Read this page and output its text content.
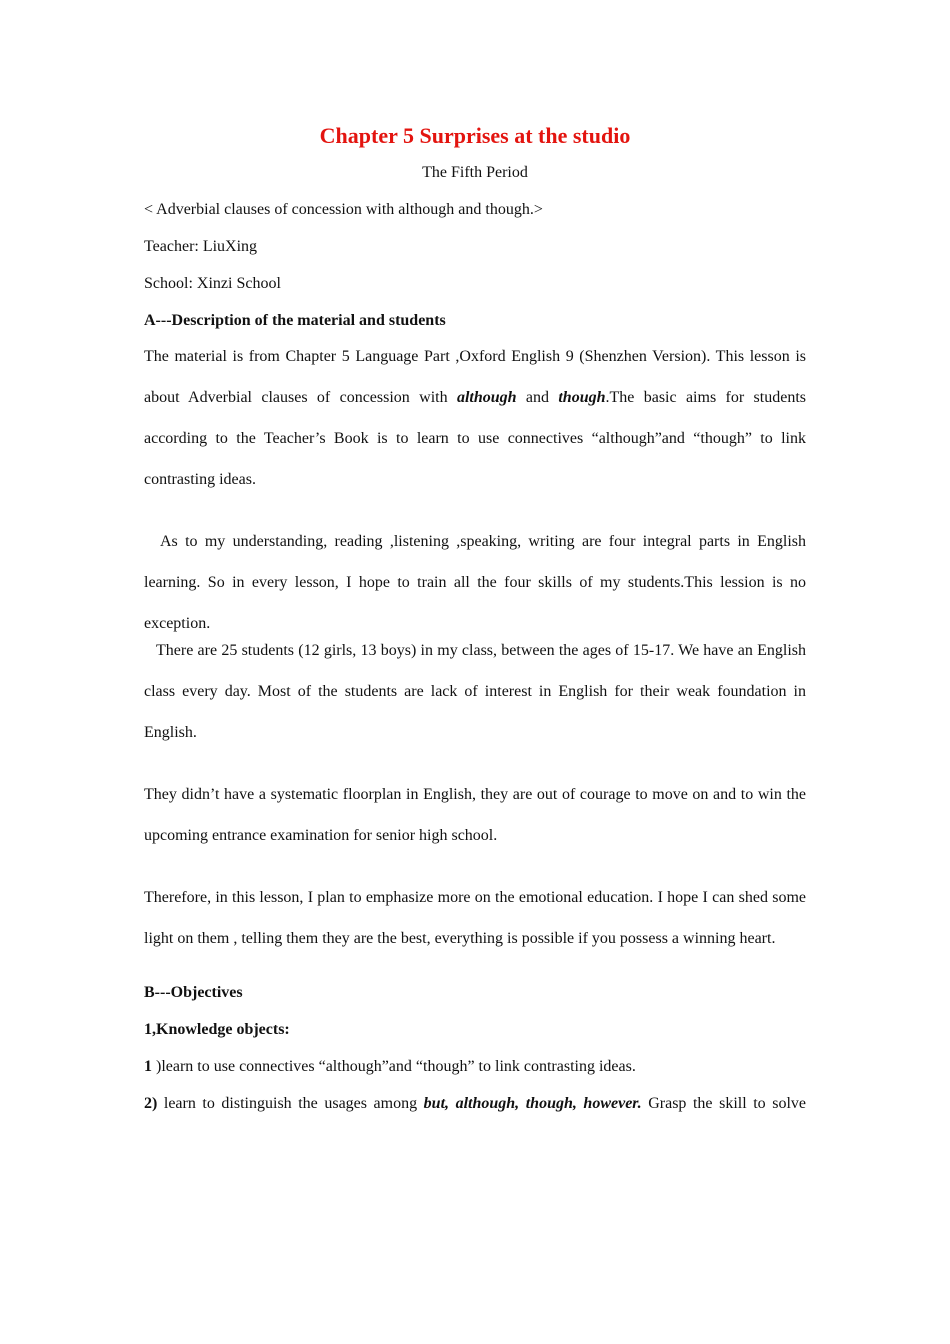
Chapter 5 Surprises at the studio
The Fifth Period
< Adverbial clauses of concession with although and though.>
Teacher: LiuXing
School: Xinzi School
A---Description of the material and students

The material is from Chapter 5 Language Part ,Oxford English 9 (Shenzhen Version). This lesson is about Adverbial clauses of concession with although and though.The basic aims for students according to the Teacher’s Book is to learn to use connectives “although”and “though” to link contrasting ideas.

As to my understanding, reading ,listening ,speaking, writing are four integral parts in English learning. So in every lesson, I hope to train all the four skills of my students.This lession is no exception.

There are 25 students (12 girls, 13 boys) in my class, between the ages of 15-17. We have an English class every day. Most of the students are lack of interest in English for their weak foundation in English.

They didn’t have a systematic floorplan in English, they are out of courage to move on and to win the upcoming entrance examination for senior high school.

Therefore, in this lesson, I plan to emphasize more on the emotional education. I hope I can shed some light on them , telling them they are the best, everything is possible if you possess a winning heart.

B---Objectives
1,Knowledge objects:
1 )learn to use connectives “although”and “though” to link contrasting ideas.
2) learn to distinguish the usages among but, although, though, however. Grasp the skill to solve
